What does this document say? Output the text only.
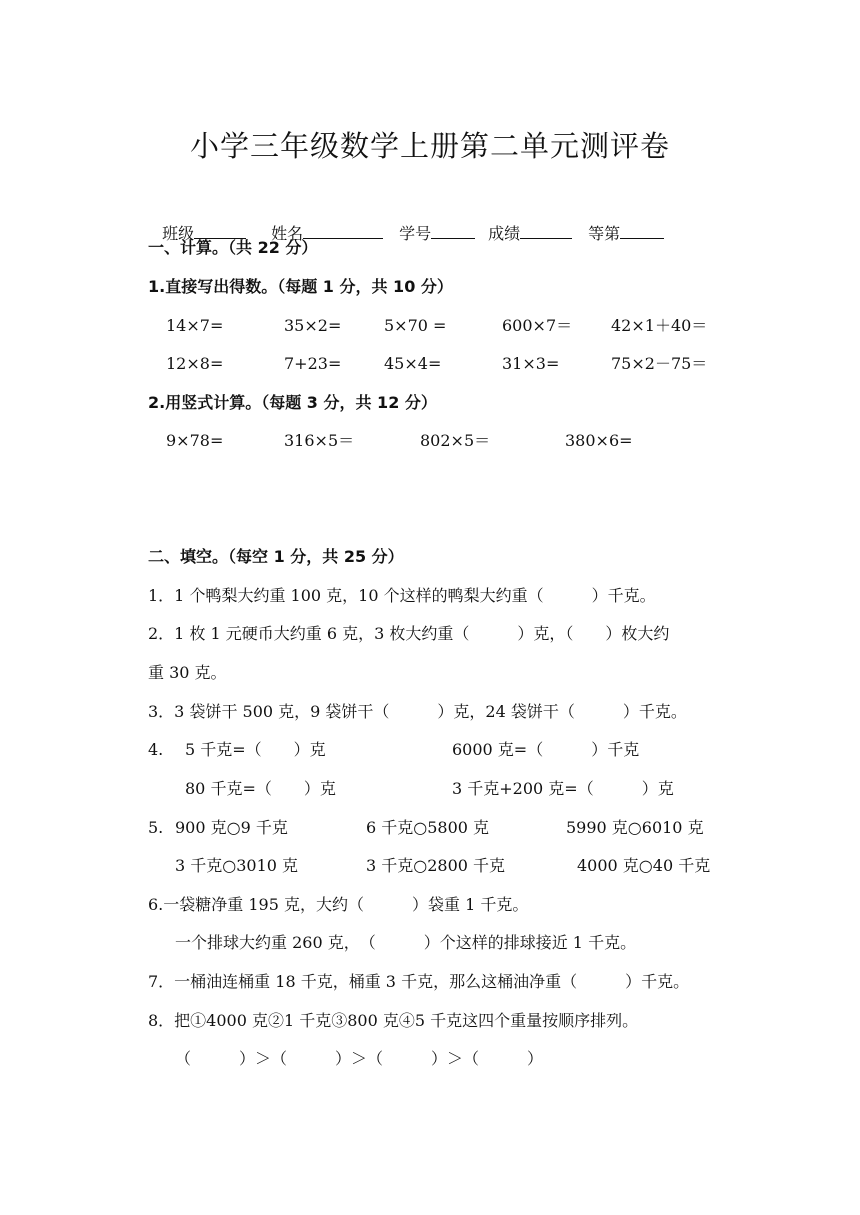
小学三年级数学上册第二单元测评卷

班级	姓名	学号	成绩	等第

一、计算。（共 22 分）
1.直接写出得数。（每题 1 分，共 10 分）
14×7=	35×2=	5×70 =	600×7＝ 42×1＋40＝
12×8=	7+23=	45×4=	31×3=	75×2－75＝
2.用竖式计算。（每题 3 分，共 12 分）
9×78=	316×5＝	802×5＝	380×6=
二、填空。（每空 1 分，共 25 分）
1．1 个鸭梨大约重 100 克，10 个这样的鸭梨大约重（　　　）千克。
2．1 枚 1 元硬币大约重 6 克，3 枚大约重（　　　）克，（　　）枚大约
重 30 克。
3．3 袋饼干 500 克，9 袋饼干（　　　）克，24 袋饼干（　　　）千克。
4. 5 千克=（　　）克	6000 克=（　　　）千克
80 千克=（　　）克	3 千克+200 克=（　　　）克
5. 900 克○9 千克	6 千克○5800 克	5990 克○6010 克
3 千克○3010 克	3 千克○2800 千克	4000 克○40 千克
6.一袋糖净重 195 克，大约（　　　）袋重 1 千克。
一个排球大约重 260 克，　（　　　）个这样的排球接近 1 千克。
7．一桶油连桶重 18 千克，桶重 3 千克，那么这桶油净重（　　　）千克。
8．把①4000 克②1 千克③800 克④5 千克这四个重量按顺序排列。
（　　　）＞（　　　）＞（　　　）＞（　　　）
